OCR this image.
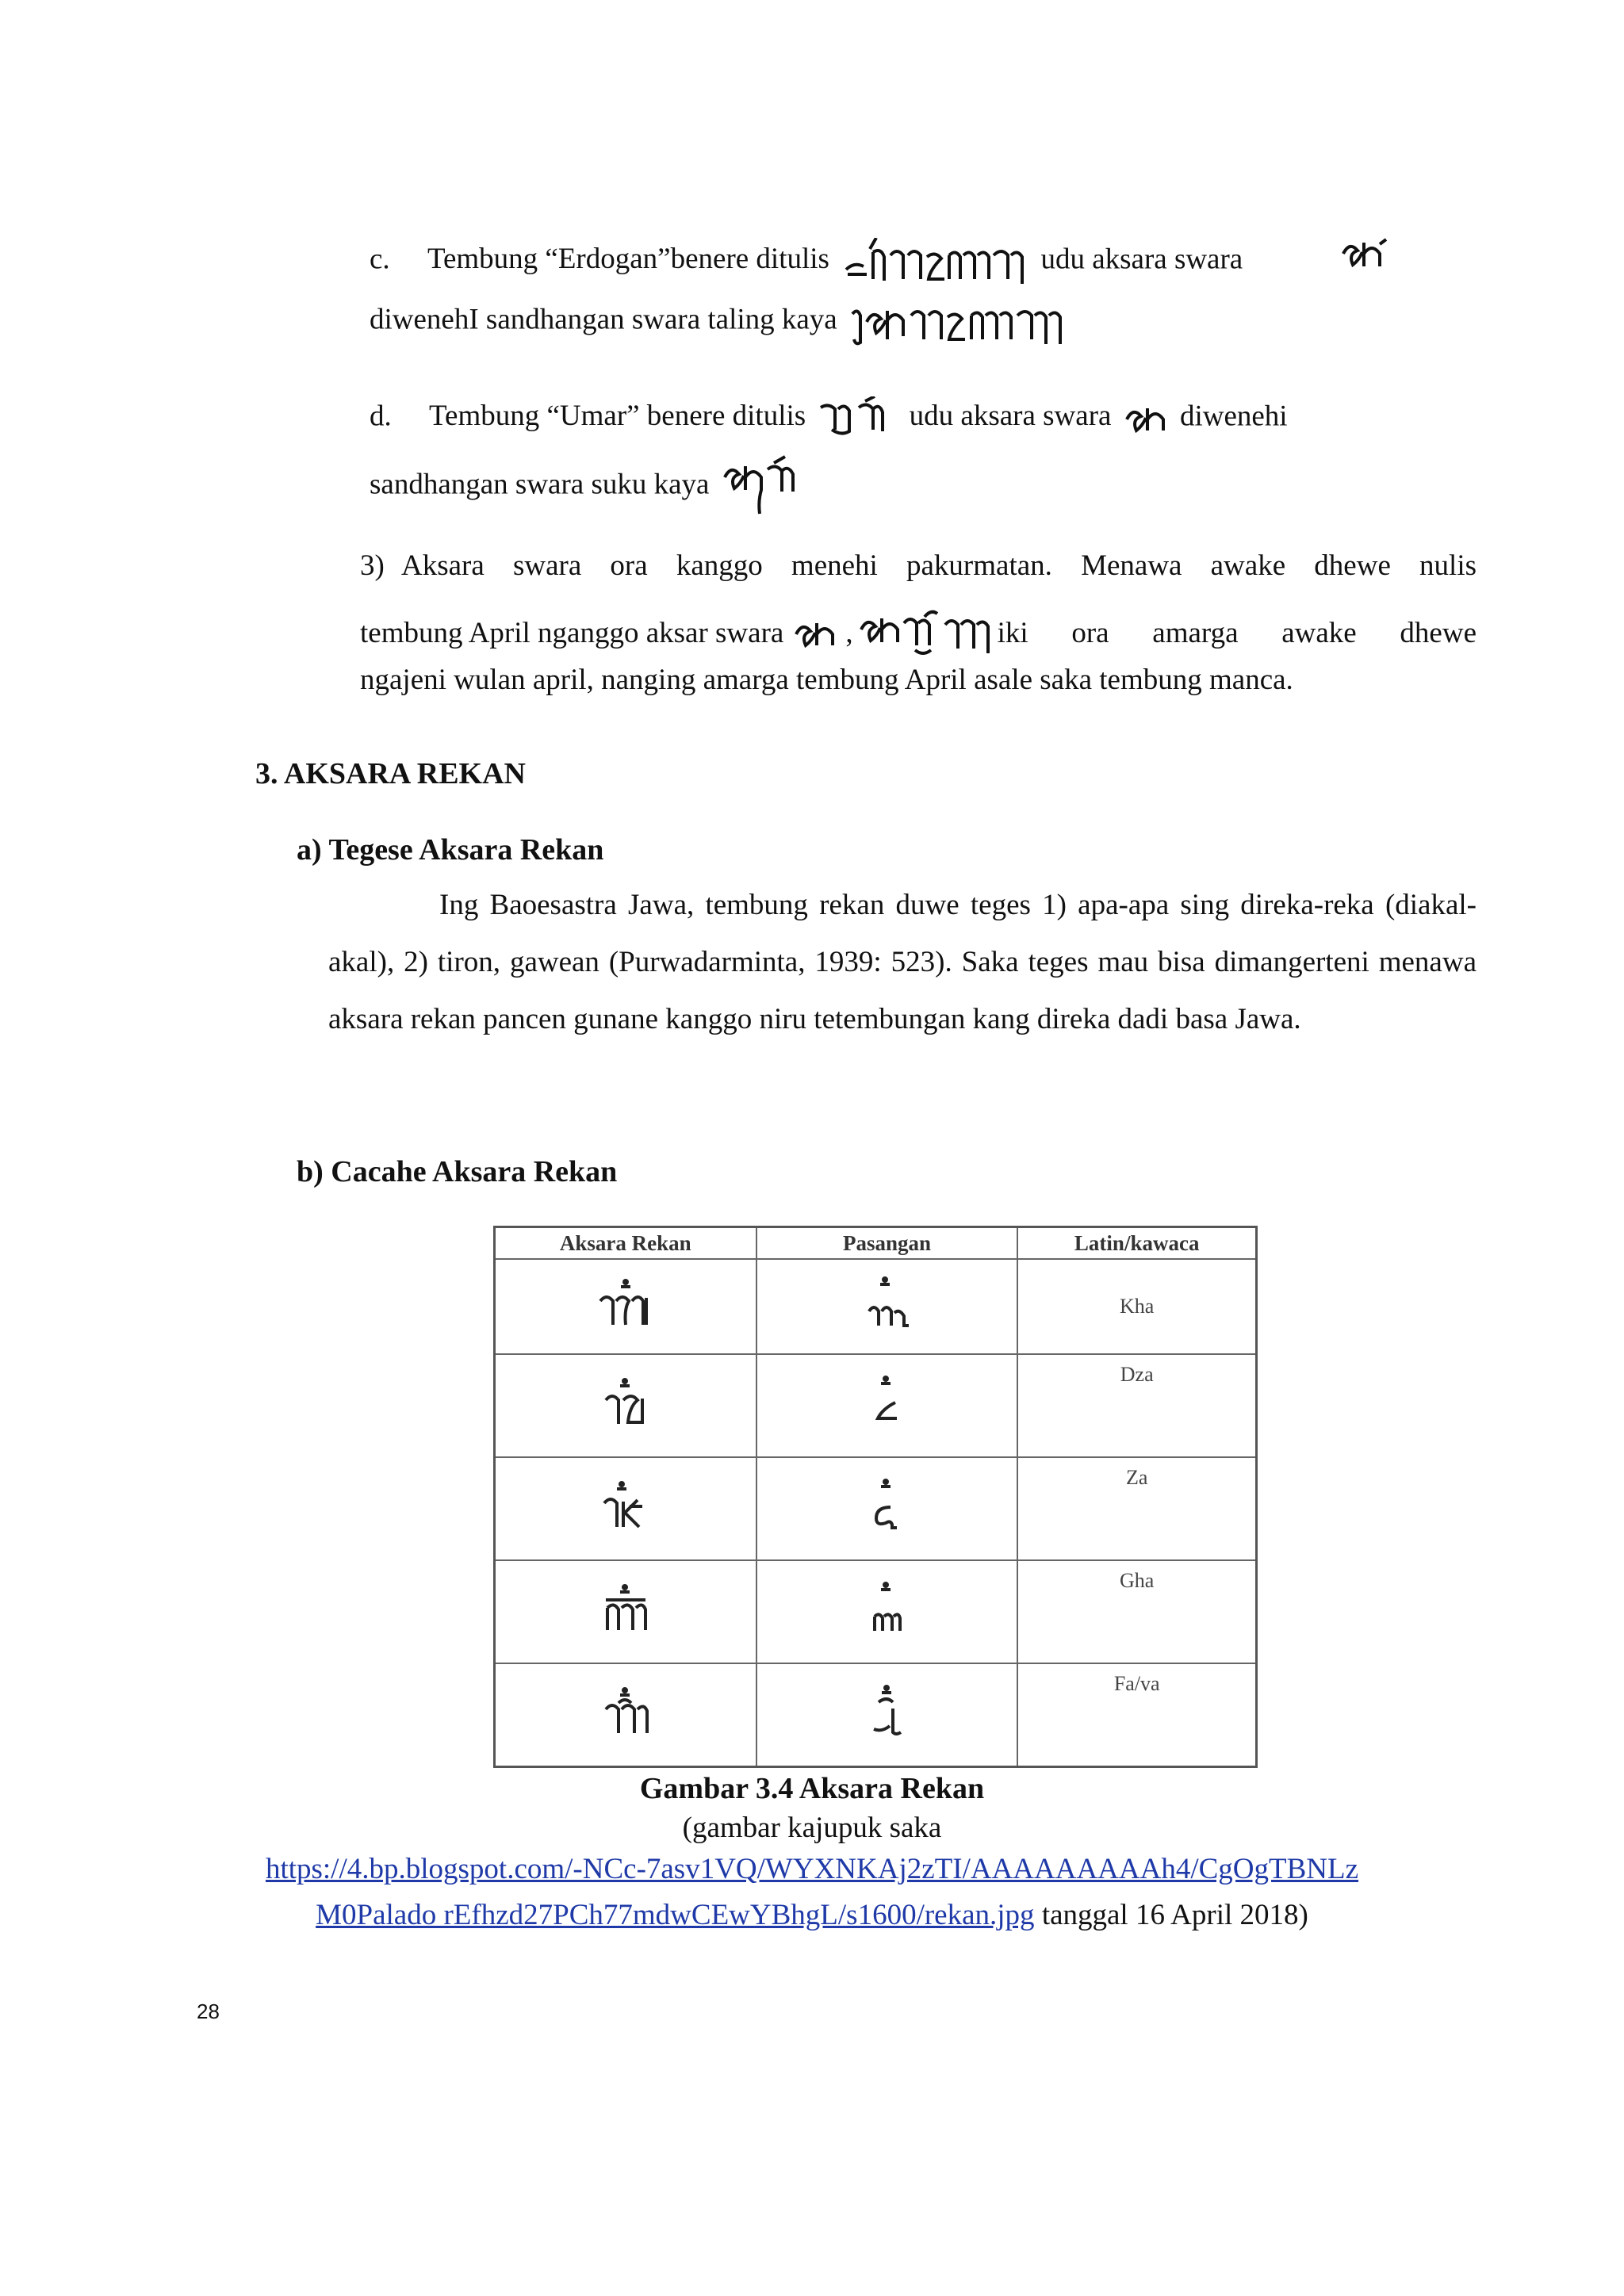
c. Tembung “Erdogan”benere ditulis	udu aksara swara
diwenehI sandhangan swara taling kaya
d. Tembung “Umar” benere ditulis	udu aksara swara diwenehi
sandhangan swara suku kaya
3) Aksara swara ora kanggo menehi pakurmatan. Menawa awake dhewe nulis
tembung April nganggo aksar swara ,	iki ora amarga awake dhewe
ngajeni wulan april, nanging amarga tembung April asale saka tembung manca.
3. AKSARA REKAN
a) Tegese Aksara Rekan
Ing Baoesastra Jawa, tembung rekan duwe teges 1) apa-apa sing direka-reka (diakal-akal), 2) tiron, gawean (Purwadarminta, 1939: 523). Saka teges mau bisa dimangerteni menawa aksara rekan pancen gunane kanggo niru tetembungan kang direka dadi basa Jawa.
b) Cacahe Aksara Rekan
Aksara Rekan	Pasangan	Latin/kawaca
		Kha
		Dza
		Za
		Gha
		Fa/va
Gambar 3.4 Aksara Rekan
(gambar kajupuk saka
https://4.bp.blogspot.com/-NCc-7asv1VQ/WYXNKAj2zTI/AAAAAAAAAh4/CgOgTBNLz
M0Palado rEfhzd27PCh77mdwCEwYBhgL/s1600/rekan.jpg tanggal 16 April 2018)
28
